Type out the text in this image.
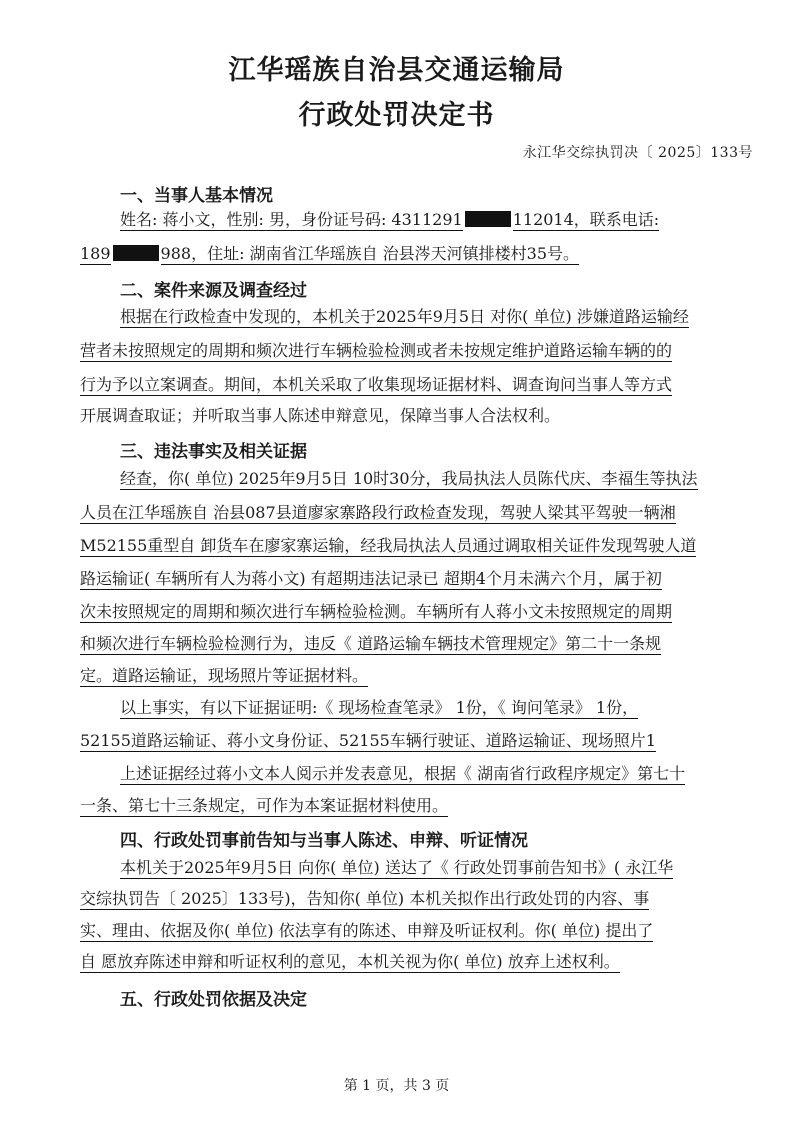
江华瑶族自治县交通运输局
行政处罚决定书
永江华交综执罚决〔 2025〕133号
一、当事人基本情况
姓名: 蒋小文，性别: 男，身份证号码: 4311291	112014，联系电话:
189	988，住址: 湖南省江华瑶族自 治县涔天河镇排楼村35号。
二、案件来源及调查经过
根据在行政检查中发现的，本机关于2025年9月5日 对你( 单位) 涉嫌道路运输经
营者未按照规定的周期和频次进行车辆检验检测或者未按规定维护道路运输车辆的的
行为予以立案调查。期间，本机关采取了收集现场证据材料、调查询问当事人等方式
开展调查取证；并听取当事人陈述申辩意见，保障当事人合法权利。
三、违法事实及相关证据
经查，你( 单位) 2025年9月5日 10时30分，我局执法人员陈代庆、李福生等执法
人员在江华瑶族自 治县087县道廖家寨路段行政检查发现，驾驶人梁其平驾驶一辆湘
M52155重型自 卸货车在廖家寨运输，经我局执法人员通过调取相关证件发现驾驶人道
路运输证( 车辆所有人为蒋小文) 有超期违法记录已 超期4个月未满六个月，属于初
次未按照规定的周期和频次进行车辆检验检测。车辆所有人蒋小文未按照规定的周期
和频次进行车辆检验检测行为，违反《 道路运输车辆技术管理规定》第二十一条规
定。道路运输证，现场照片等证据材料。
以上事实，有以下证据证明:《 现场检查笔录》 1份，《 询问笔录》 1份，
52155道路运输证、蒋小文身份证、52155车辆行驶证、道路运输证、现场照片1
上述证据经过蒋小文本人阅示并发表意见，根据《 湖南省行政程序规定》第七十
一条、第七十三条规定，可作为本案证据材料使用。
四、行政处罚事前告知与当事人陈述、申辩、听证情况
本机关于2025年9月5日 向你( 单位) 送达了《 行政处罚事前告知书》( 永江华
交综执罚告〔 2025〕133号)，告知你( 单位) 本机关拟作出行政处罚的内容、事
实、理由、依据及你( 单位) 依法享有的陈述、申辩及听证权利。你( 单位) 提出了
自 愿放弃陈述申辩和听证权利的意见，本机关视为你( 单位) 放弃上述权利。
五、行政处罚依据及决定
第 1 页，共 3 页
